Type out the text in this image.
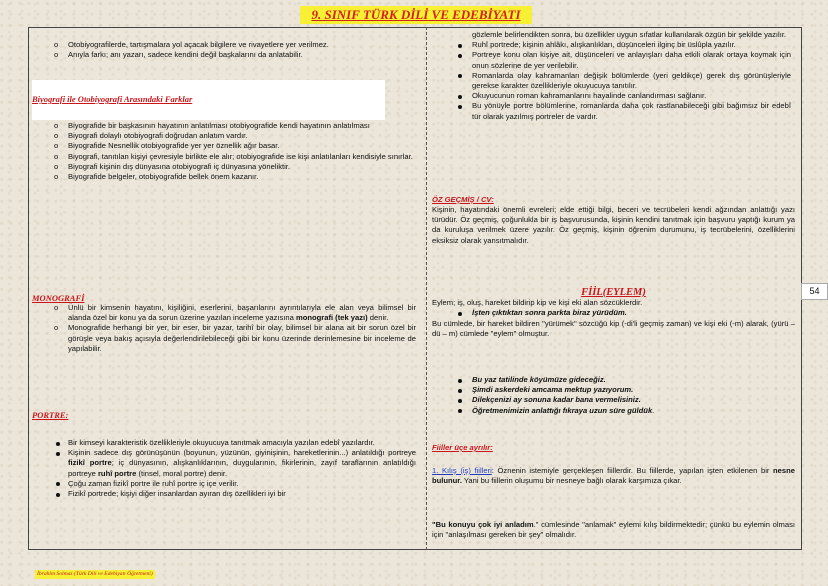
9. SINIF TÜRK DİLİ VE EDEBİYATI
o Otobiyografilerde, tartışmalara yol açacak bilgilere ve rivayetlere yer verilmez.
o Anıyla farkı; anı yazarı, sadece kendini değil başkalarını da anlatabilir.
Biyografi ile Otobiyografi Arasındaki Farklar
o Biyografide bir başkasının hayatının anlatılması otobiyografide kendi hayatının anlatılması
o Biyografi dolaylı otobiyografi doğrudan anlatım vardır.
o Biyografide Nesnellik otobiyografide yer yer öznellik ağır basar.
o Biyografi, tanıtılan kişiyi çevresiyle birlikte ele alır; otobiyografide ise kişi anlatılanları kendisiyle sınırlar.
o Biyografi kişinin dış dünyasına otobiyografi iç dünyasına yöneliktir.
o Biyografide belgeler, otobiyografide bellek önem kazanır.
MONOGRAFİ
o Ünlü bir kimsenin hayatını, kişiliğini, eserlerini, başarılarını ayrıntılarıyla ele alan veya bilimsel bir alanda özel bir konu ya da sorun üzerine yazılan inceleme yazısına monografi (tek yazı) denir.
o Monografide herhangi bir yer, bir eser, bir yazar, tarihî bir olay, bilimsel bir alana ait bir sorun özel bir görüşle veya bakış açısıyla değerlendirilebileceği gibi bir konu üzerinde derinlemesine bir inceleme de yapılabilir.
PORTRE:
Bir kimseyi karakteristik özellikleriyle okuyucuya tanıtmak amacıyla yazılan edebî yazılardır.
Kişinin sadece dış görünüşünün (boyunun, yüzünün, giyinişinin, hareketlerinin...) anlatıldığı portreye fizikî portre; iç dünyasının, alışkanlıklarının, duygularının, fikirlerinin, zayıf taraflarının anlatıldığı portreye ruhî portre (tinsel, moral portre) denir.
Çoğu zaman fizikî portre ile ruhî portre iç içe verilir.
Fizikî portrede; kişiyi diğer insanlardan ayıran dış özellikleri iyi bir

gözlemle belirlendikten sonra, bu özellikler uygun sıfatlar kullanılarak özgün bir şekilde yazılır.

Ruhî portrede; kişinin ahlâkı, alışkanlıkları, düşünceleri ilginç bir üslûpla yazılır.
Portreye konu olan kişiye ait, düşünceleri ve anlayışları daha etkili olarak ortaya koymak için onun sözlerine de yer verilebilir.
Romanlarda olay kahramanları değişik bölümlerde (yeri geldikçe) gerek dış görünüşleriyle gerekse karakter özellikleriyle okuyucuya tanıtılır.
Okuyucunun roman kahramanlarını hayalinde canlandırması sağlanır.
Bu yönüyle portre bölümlerine, romanlarda daha çok rastlanabileceği gibi bağımsız bir edebî tür olarak yazılmış portreler de vardır.
ÖZ GEÇMİŞ / CV:

Kişinin, hayatındaki önemli evreleri; elde ettiği bilgi, beceri ve tecrübeleri kendi ağzından anlattığı yazı türüdür. Öz geçmiş, çoğunlukla bir iş başvurusunda, kişinin kendini tanıtmak için başvuru yaptığı kurum ya da kuruluşa verilmek üzere yazılır. Öz geçmiş, kişinin öğrenim durumunu, iş tecrübelerini, özelliklerini eksiksiz olarak yansıtmalıdır.

FİİL(EYLEM)

Eylem; iş, oluş, hareket bildirip kip ve kişi eki alan sözcüklerdir.

İşten çıktıktan sonra parkta biraz yürüdüm.

Bu cümlede, bir hareket bildiren "yürümek" sözcüğü kip (-di'li geçmiş zaman) ve kişi eki (-m) alarak, (yürü – dü – m) cümlede "eylem" olmuştur.

Bu yaz tatilinde köyümüze gideceğiz.
Şimdi askerdeki amcama mektup yazıyorum.
Dilekçenizi ay sonuna kadar bana vermelisiniz.
Öğretmenimizin anlattığı fıkraya uzun süre güldük.
Fiiller üçe ayrılır:

1. Kılış (iş) fiilleri: Öznenin istemiyle gerçekleşen fiillerdir. Bu fiillerde, yapılan işten etkilenen bir nesne bulunur. Yani bu fiillerin oluşumu bir nesneye bağlı olarak karşımıza çıkar.

"Bu konuyu çok iyi anladım." cümlesinde "anlamak" eylemi kılış bildirmektedir; çünkü bu eylemin olması için "anlaşılması gereken bir şey" olmalıdır.

54
İbrahim Solmaz (Türk Dili ve Edebiyatı Öğretmeni)
